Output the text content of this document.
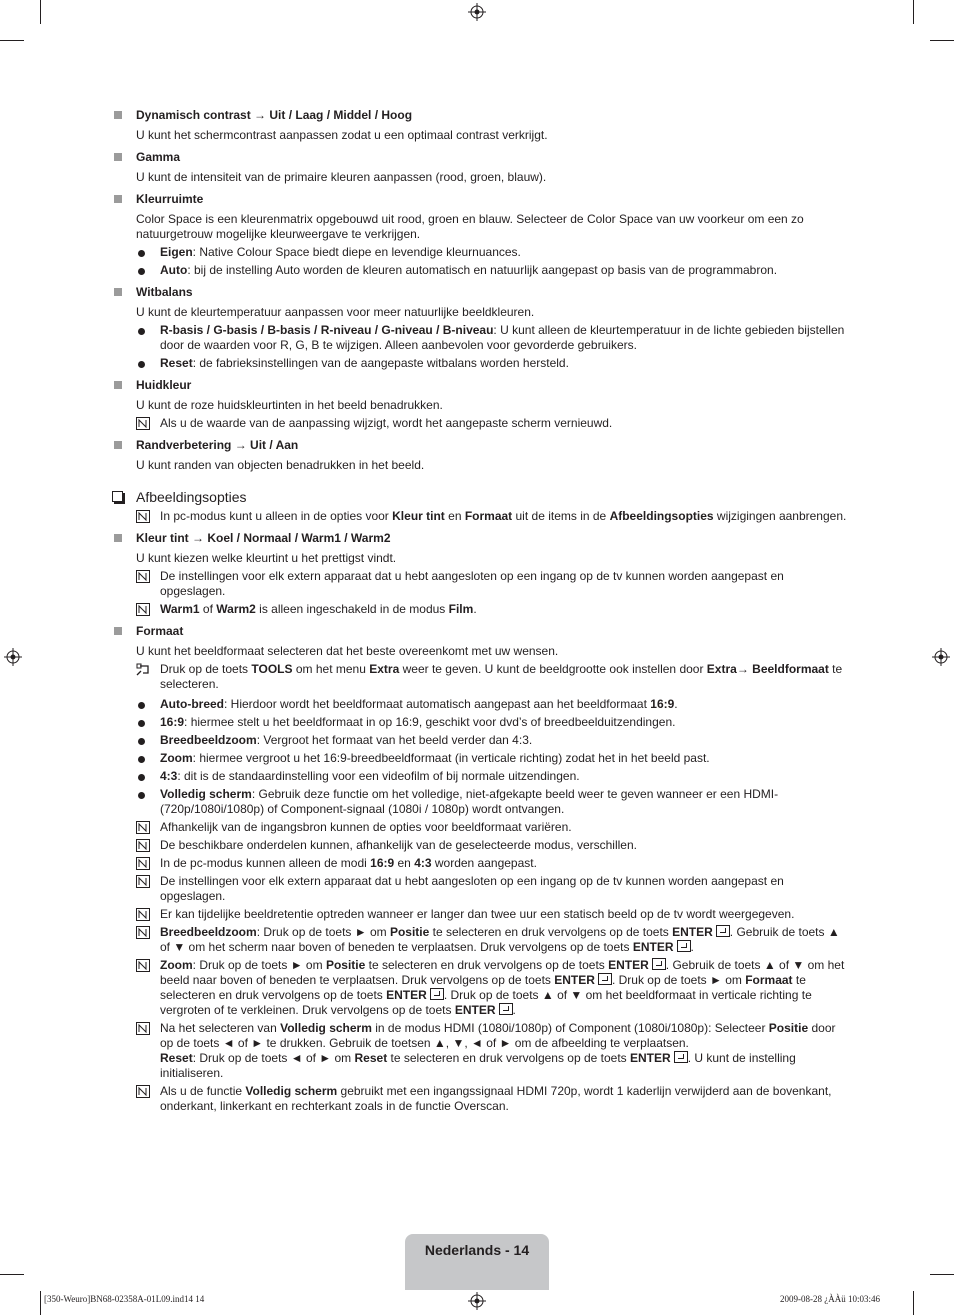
Dynamisch contrast → Uit / Laag / Middel / Hoog
U kunt het schermcontrast aanpassen zodat u een optimaal contrast verkrijgt.
Gamma
U kunt de intensiteit van de primaire kleuren aanpassen (rood, groen, blauw).
Kleurruimte
Color Space is een kleurenmatrix opgebouwd uit rood, groen en blauw. Selecteer de Color Space van uw voorkeur om een zo natuurgetrouw mogelijke kleurweergave te verkrijgen.
Eigen: Native Colour Space biedt diepe en levendige kleurnuances.
Auto: bij de instelling Auto worden de kleuren automatisch en natuurlijk aangepast op basis van de programmabron.
Witbalans
U kunt de kleurtemperatuur aanpassen voor meer natuurlijke beeldkleuren.
R-basis / G-basis / B-basis / R-niveau / G-niveau / B-niveau: U kunt alleen de kleurtemperatuur in de lichte gebieden bijstellen door de waarden voor R, G, B te wijzigen. Alleen aanbevolen voor gevorderde gebruikers.
Reset: de fabrieksinstellingen van de aangepaste witbalans worden hersteld.
Huidkleur
U kunt de roze huidskleurtinten in het beeld benadrukken.
Als u de waarde van de aanpassing wijzigt, wordt het aangepaste scherm vernieuwd.
Randverbetering → Uit / Aan
U kunt randen van objecten benadrukken in het beeld.
Afbeeldingsopties
In pc-modus kunt u alleen in de opties voor Kleur tint en Formaat uit de items in de Afbeeldingsopties wijzigingen aanbrengen.
Kleur tint → Koel / Normaal / Warm1 / Warm2
U kunt kiezen welke kleurtint u het prettigst vindt.
De instellingen voor elk extern apparaat dat u hebt aangesloten op een ingang op de tv kunnen worden aangepast en opgeslagen.
Warm1 of Warm2 is alleen ingeschakeld in de modus Film.
Formaat
U kunt het beeldformaat selecteren dat het beste overeenkomt met uw wensen.
Druk op de toets TOOLS om het menu Extra weer te geven. U kunt de beeldgrootte ook instellen door Extra→ Beeldformaat te selecteren.
Auto-breed: Hierdoor wordt het beeldformaat automatisch aangepast aan het beeldformaat 16:9.
16:9: hiermee stelt u het beeldformaat in op 16:9, geschikt voor dvd’s of breedbeelduitzendingen.
Breedbeeldzoom: Vergroot het formaat van het beeld verder dan 4:3.
Zoom: hiermee vergroot u het 16:9-breedbeeldformaat (in verticale richting) zodat het in het beeld past.
4:3: dit is de standaardinstelling voor een videofilm of bij normale uitzendingen.
Volledig scherm: Gebruik deze functie om het volledige, niet-afgekapte beeld weer te geven wanneer er een HDMI- (720p/1080i/1080p) of Component-signaal (1080i / 1080p) wordt ontvangen.
Afhankelijk van de ingangsbron kunnen de opties voor beeldformaat variëren.
De beschikbare onderdelen kunnen, afhankelijk van de geselecteerde modus, verschillen.
In de pc-modus kunnen alleen de modi 16:9 en 4:3 worden aangepast.
De instellingen voor elk extern apparaat dat u hebt aangesloten op een ingang op de tv kunnen worden aangepast en opgeslagen.
Er kan tijdelijke beeldretentie optreden wanneer er langer dan twee uur een statisch beeld op de tv wordt weergegeven.
Breedbeeldzoom: Druk op de toets ► om Positie te selecteren en druk vervolgens op de toets ENTER . Gebruik de toets ▲ of ▼ om het scherm naar boven of beneden te verplaatsen. Druk vervolgens op de toets ENTER .
Zoom: Druk op de toets ► om Positie te selecteren en druk vervolgens op de toets ENTER . Gebruik de toets ▲ of ▼ om het beeld naar boven of beneden te verplaatsen. Druk vervolgens op de toets ENTER . Druk op de toets ► om Formaat te selecteren en druk vervolgens op de toets ENTER . Druk op de toets ▲ of ▼ om het beeldformaat in verticale richting te vergroten of te verkleinen. Druk vervolgens op de toets ENTER .
Na het selecteren van Volledig scherm in de modus HDMI (1080i/1080p) of Component (1080i/1080p): Selecteer Positie door op de toets ◄ of ► te drukken. Gebruik de toetsen ▲, ▼, ◄ of ► om de afbeelding te verplaatsen.
Reset: Druk op de toets ◄ of ► om Reset te selecteren en druk vervolgens op de toets ENTER . U kunt de instelling initialiseren.
Als u de functie Volledig scherm gebruikt met een ingangssignaal HDMI 720p, wordt 1 kaderlijn verwijderd aan de bovenkant, onderkant, linkerkant en rechterkant zoals in de functie Overscan.
Nederlands - 14
[350-Weuro]BN68-02358A-01L09.ind14 14	2009-08-28 ¿ÀÀü 10:03:46
